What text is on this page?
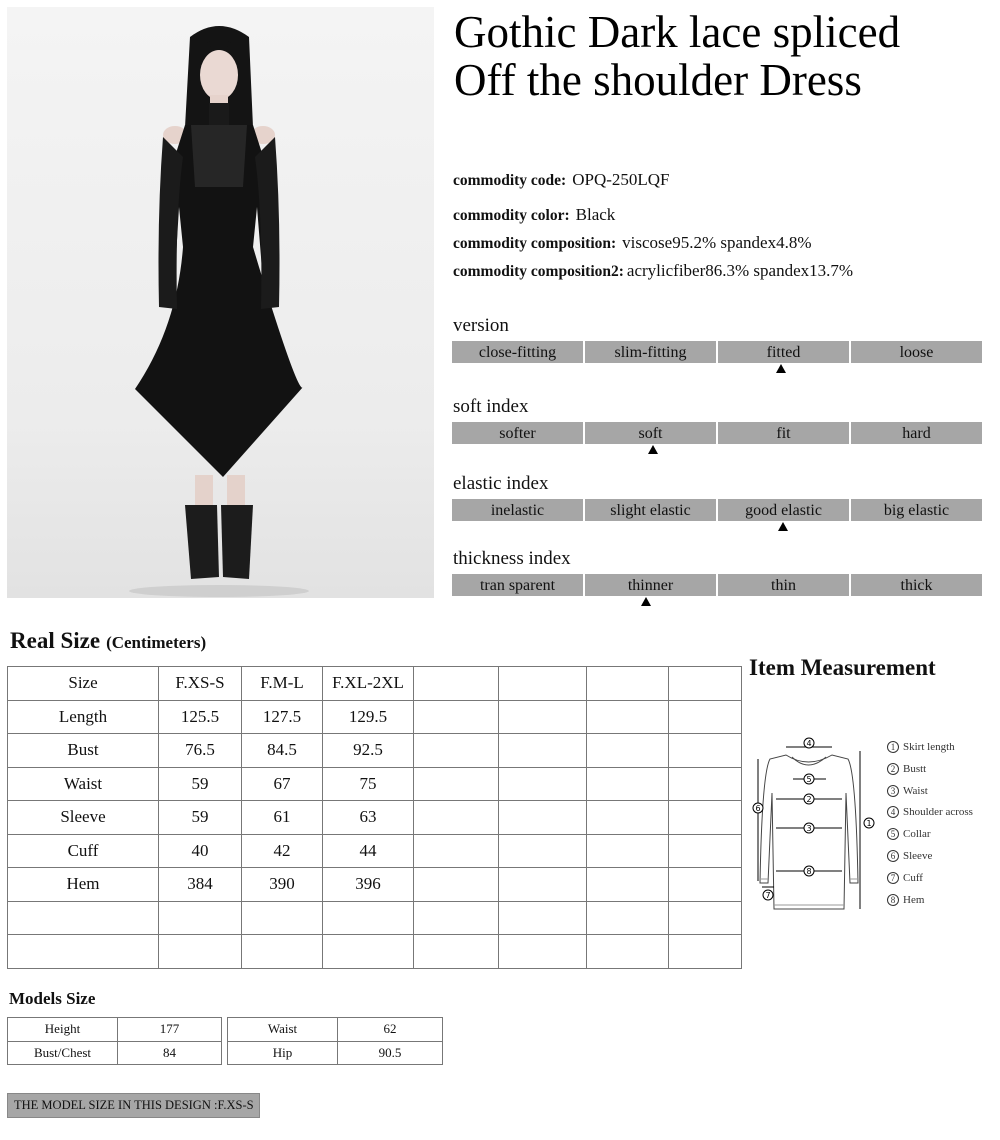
Gothic Dark lace spliced
Off the shoulder Dress
commodity code: OPQ-250LQF
commodity color: Black
commodity composition: viscose95.2% spandex4.8%
commodity composition2: acrylicfiber86.3% spandex13.7%
version
close-fitting	slim-fitting	fitted	loose
soft index
softer	soft	fit	hard
elastic index
inelastic	slight elastic	good elastic	big elastic
thickness index
tran sparent	thinner	thin	thick
Real Size (Centimeters)
Size	F.XS-S	F.M-L	F.XL-2XL				
Length	125.5	127.5	129.5				
Bust	76.5	84.5	92.5				
Waist	59	67	75				
Sleeve	59	61	63				
Cuff	40	42	44				
Hem	384	390	396				

Item Measurement
4
5
2
3
8
1
6
7
1 Skirt length
2 Bustt
3 Waist
4 Shoulder across
5 Collar
6 Sleeve
7 Cuff
8 Hem
Models Size
Height	177
Bust/Chest	84
Waist	62
Hip	90.5
THE MODEL SIZE IN THIS DESIGN :F.XS-S
